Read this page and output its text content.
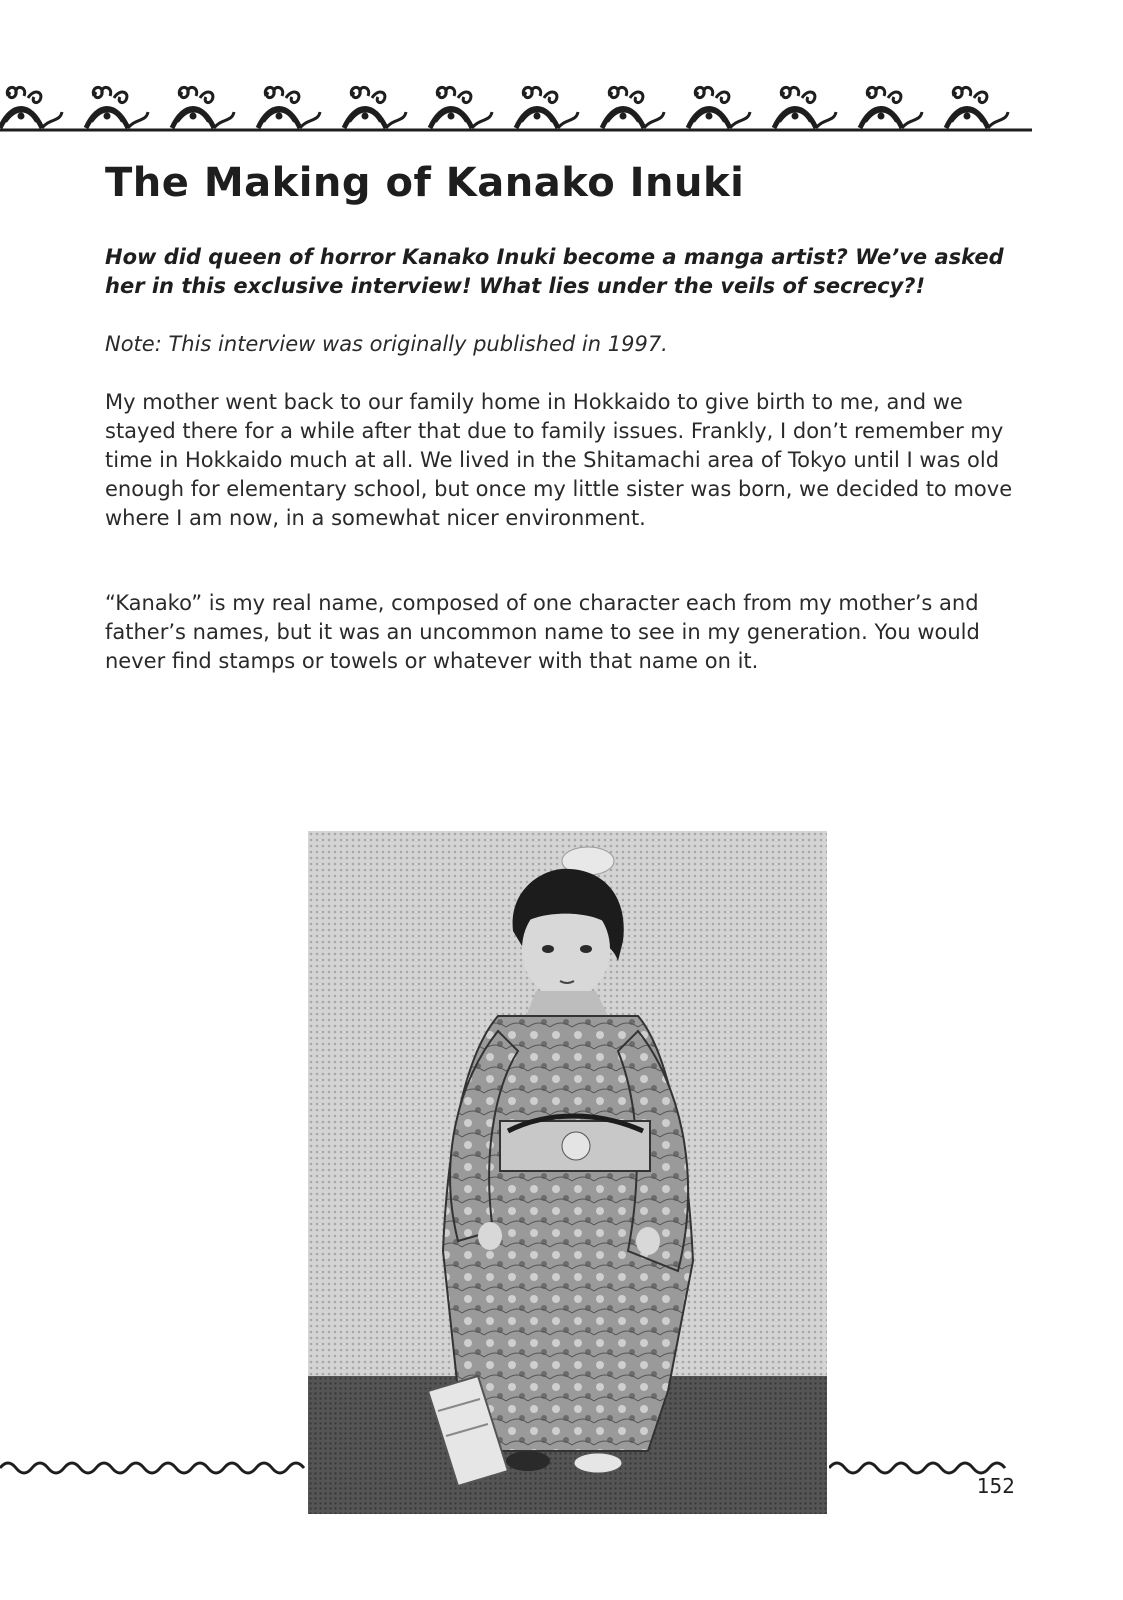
The Making of Kanako Inuki

How did queen of horror Kanako Inuki become a manga artist? We’ve asked her in this exclusive interview! What lies under the veils of secrecy?!

Note: This interview was originally published in 1997.

My mother went back to our family home in Hokkaido to give birth to me, and we stayed there for a while after that due to family issues. Frankly, I don’t remember my time in Hokkaido much at all. We lived in the Shitamachi area of Tokyo until I was old enough for elementary school, but once my little sister was born, we decided to move where I am now, in a somewhat nicer environment.

“Kanako” is my real name, composed of one character each from my mother’s and father’s names, but it was an uncommon name to see in my generation. You would never find stamps or towels or whatever with that name on it.

152
